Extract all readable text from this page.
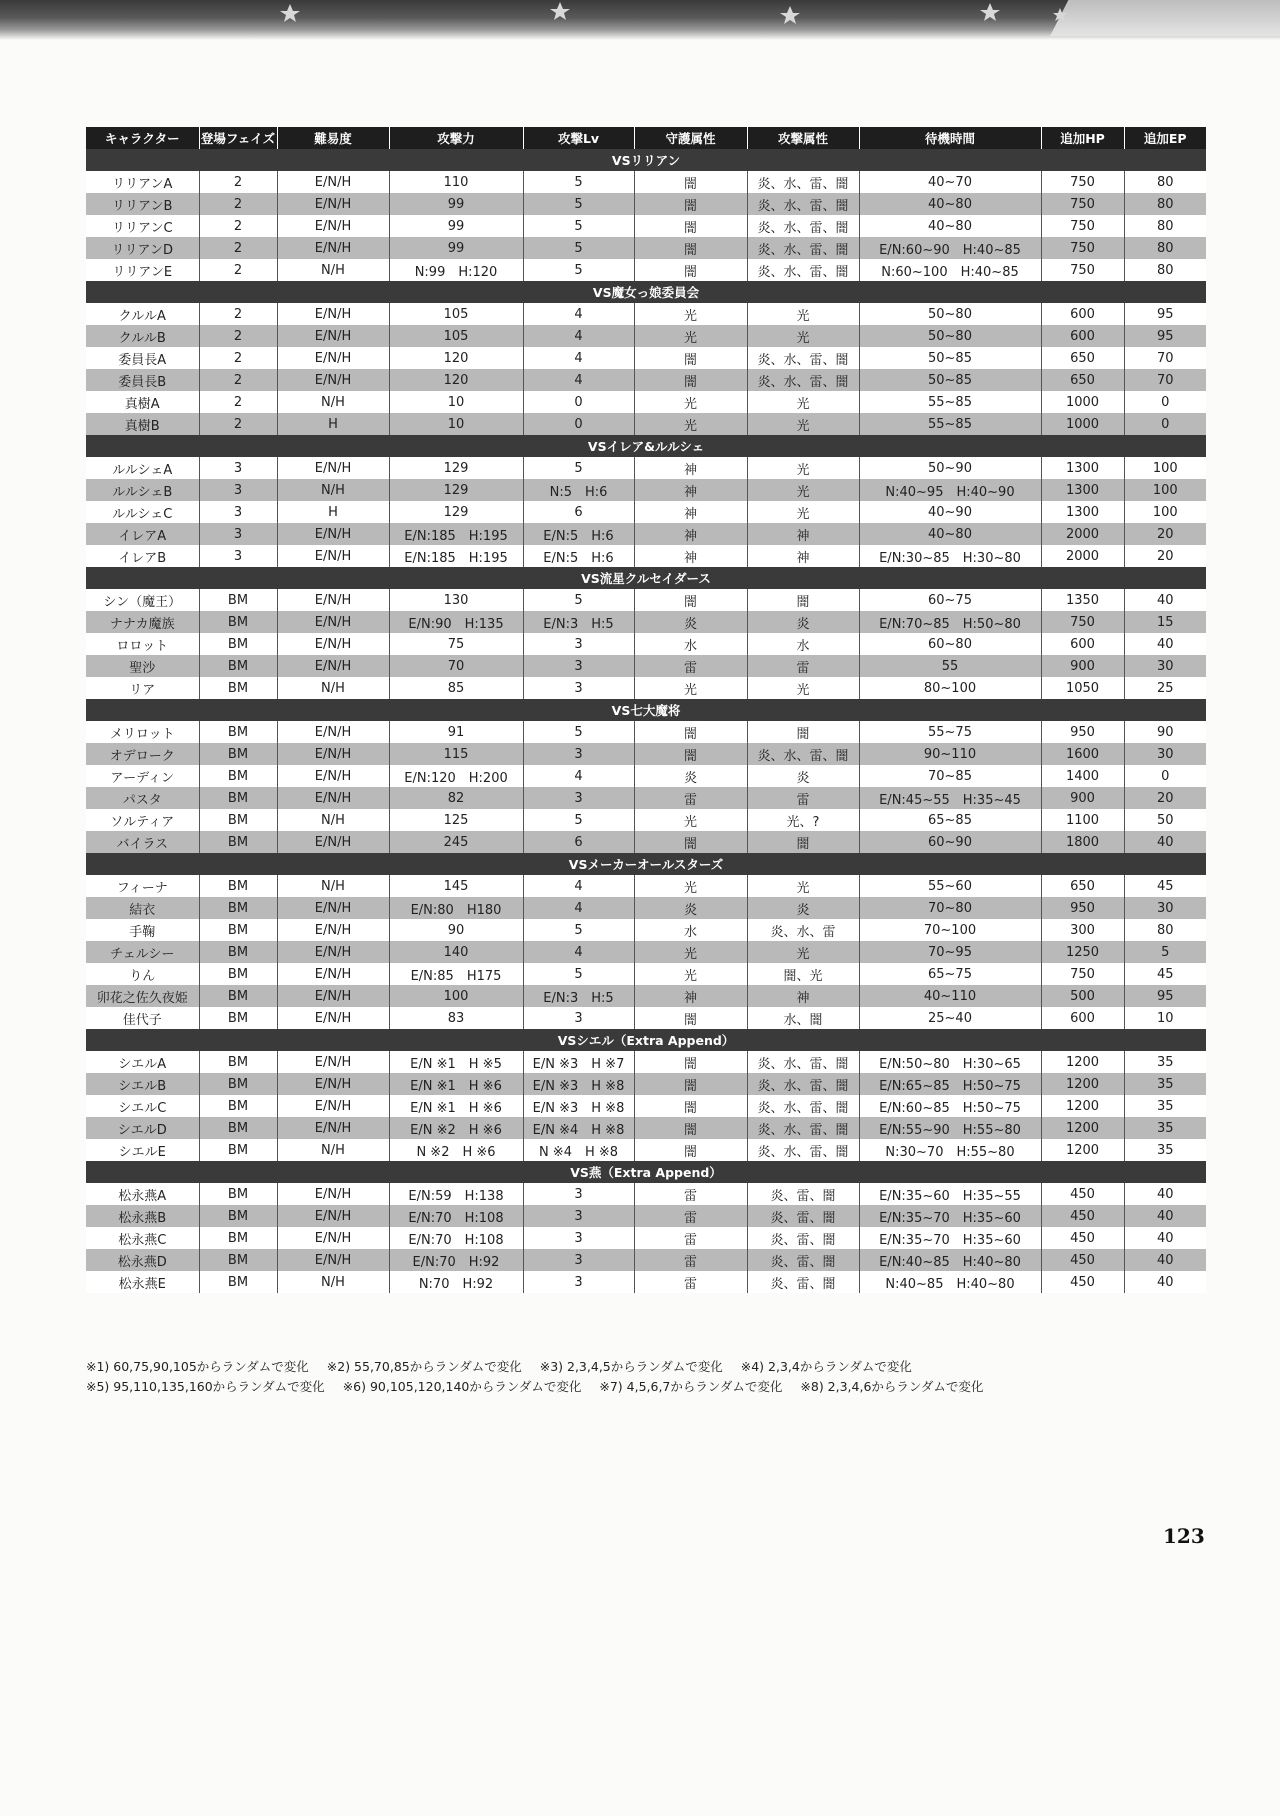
キャラクター	登場フェイズ	難易度	攻撃力	攻撃Lv	守護属性	攻撃属性	待機時間	追加HP	追加EP
VSリリアン									
リリアンA	2	E/N/H	110	5	闇	炎、水、雷、闇	40~70	750	80
リリアンB	2	E/N/H	99	5	闇	炎、水、雷、闇	40~80	750	80
リリアンC	2	E/N/H	99	5	闇	炎、水、雷、闇	40~80	750	80
リリアンD	2	E/N/H	99	5	闇	炎、水、雷、闇	E/N:60~90　H:40~85	750	80
リリアンE	2	N/H	N:99　H:120	5	闇	炎、水、雷、闇	N:60~100　H:40~85	750	80
VS魔女っ娘委員会									
クルルA	2	E/N/H	105	4	光	光	50~80	600	95
クルルB	2	E/N/H	105	4	光	光	50~80	600	95
委員長A	2	E/N/H	120	4	闇	炎、水、雷、闇	50~85	650	70
委員長B	2	E/N/H	120	4	闇	炎、水、雷、闇	50~85	650	70
真樹A	2	N/H	10	0	光	光	55~85	1000	0
真樹B	2	H	10	0	光	光	55~85	1000	0
VSイレア&ルルシェ									
ルルシェA	3	E/N/H	129	5	神	光	50~90	1300	100
ルルシェB	3	N/H	129	N:5　H:6	神	光	N:40~95　H:40~90	1300	100
ルルシェC	3	H	129	6	神	光	40~90	1300	100
イレアA	3	E/N/H	E/N:185　H:195	E/N:5　H:6	神	神	40~80	2000	20
イレアB	3	E/N/H	E/N:185　H:195	E/N:5　H:6	神	神	E/N:30~85　H:30~80	2000	20
VS流星クルセイダース									
シン（魔王）	BM	E/N/H	130	5	闇	闇	60~75	1350	40
ナナカ魔族	BM	E/N/H	E/N:90　H:135	E/N:3　H:5	炎	炎	E/N:70~85　H:50~80	750	15
ロロット	BM	E/N/H	75	3	水	水	60~80	600	40
聖沙	BM	E/N/H	70	3	雷	雷	55	900	30
リア	BM	N/H	85	3	光	光	80~100	1050	25
VS七大魔将									
メリロット	BM	E/N/H	91	5	闇	闇	55~75	950	90
オデローク	BM	E/N/H	115	3	闇	炎、水、雷、闇	90~110	1600	30
アーディン	BM	E/N/H	E/N:120　H:200	4	炎	炎	70~85	1400	0
パスタ	BM	E/N/H	82	3	雷	雷	E/N:45~55　H:35~45	900	20
ソルティア	BM	N/H	125	5	光	光、?	65~85	1100	50
バイラス	BM	E/N/H	245	6	闇	闇	60~90	1800	40
VSメーカーオールスターズ									
フィーナ	BM	N/H	145	4	光	光	55~60	650	45
結衣	BM	E/N/H	E/N:80　H180	4	炎	炎	70~80	950	30
手鞠	BM	E/N/H	90	5	水	炎、水、雷	70~100	300	80
チェルシー	BM	E/N/H	140	4	光	光	70~95	1250	5
りん	BM	E/N/H	E/N:85　H175	5	光	闇、光	65~75	750	45
卯花之佐久夜姫	BM	E/N/H	100	E/N:3　H:5	神	神	40~110	500	95
佳代子	BM	E/N/H	83	3	闇	水、闇	25~40	600	10
VSシエル（Extra Append）									
シエルA	BM	E/N/H	E/N ※1　H ※5	E/N ※3　H ※7	闇	炎、水、雷、闇	E/N:50~80　H:30~65	1200	35
シエルB	BM	E/N/H	E/N ※1　H ※6	E/N ※3　H ※8	闇	炎、水、雷、闇	E/N:65~85　H:50~75	1200	35
シエルC	BM	E/N/H	E/N ※1　H ※6	E/N ※3　H ※8	闇	炎、水、雷、闇	E/N:60~85　H:50~75	1200	35
シエルD	BM	E/N/H	E/N ※2　H ※6	E/N ※4　H ※8	闇	炎、水、雷、闇	E/N:55~90　H:55~80	1200	35
シエルE	BM	N/H	N ※2　H ※6	N ※4　H ※8	闇	炎、水、雷、闇	N:30~70　H:55~80	1200	35
VS燕（Extra Append）									
松永燕A	BM	E/N/H	E/N:59　H:138	3	雷	炎、雷、闇	E/N:35~60　H:35~55	450	40
松永燕B	BM	E/N/H	E/N:70　H:108	3	雷	炎、雷、闇	E/N:35~70　H:35~60	450	40
松永燕C	BM	E/N/H	E/N:70　H:108	3	雷	炎、雷、闇	E/N:35~70　H:35~60	450	40
松永燕D	BM	E/N/H	E/N:70　H:92	3	雷	炎、雷、闇	E/N:40~85　H:40~80	450	40
松永燕E	BM	N/H	N:70　H:92	3	雷	炎、雷、闇	N:40~85　H:40~80	450	40
※1) 60,75,90,105からランダムで変化 ※2) 55,70,85からランダムで変化 ※3) 2,3,4,5からランダムで変化 ※4) 2,3,4からランダムで変化
※5) 95,110,135,160からランダムで変化 ※6) 90,105,120,140からランダムで変化 ※7) 4,5,6,7からランダムで変化 ※8) 2,3,4,6からランダムで変化
123
